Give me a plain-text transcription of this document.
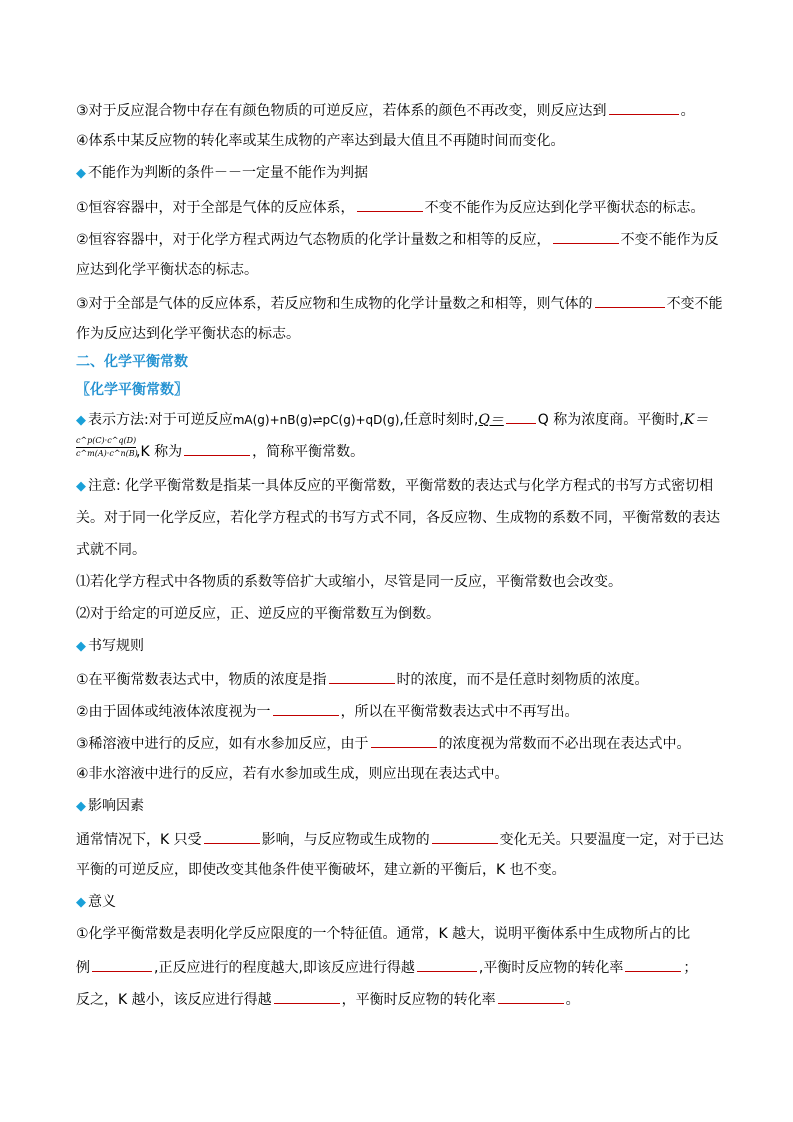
③对于反应混合物中存在有颜色物质的可逆反应，若体系的颜色不再改变，则反应达到	。
④体系中某反应物的转化率或某生成物的产率达到最大值且不再随时间而变化。
◆ 不能作为判断的条件－－一定量不能作为判据
①恒容容器中，对于全部是气体的反应体系，	不变不能作为反应达到化学平衡状态的标志。
②恒容容器中，对于化学方程式两边气态物质的化学计量数之和相等的反应，	不变不能作为反
应达到化学平衡状态的标志。
③对于全部是气体的反应体系，若反应物和生成物的化学计量数之和相等，则气体的	不变不能
作为反应达到化学平衡状态的标志。
二、化学平衡常数
〖化学平衡常数〗
◆ 表示方法:对于可逆反应mA(g)+nB(g)⇌pC(g)+qD(g),任意时刻时,Q＝ Q 称为浓度商。平衡时,K＝
$\frac{c\^{}p(C)\cdot c\^{}q(D)}{c\^{}m(A)\cdot c\^{}n(B)} ,K$ 称为	，简称平衡常数。
◆ 注意: 化学平衡常数是指某一具体反应的平衡常数，平衡常数的表达式与化学方程式的书写方式密切相
关。对于同一化学反应，若化学方程式的书写方式不同，各反应物、生成物的系数不同，平衡常数的表达
式就不同。
⑴若化学方程式中各物质的系数等倍扩大或缩小，尽管是同一反应，平衡常数也会改变。
⑵对于给定的可逆反应，正、逆反应的平衡常数互为倒数。
◆ 书写规则
①在平衡常数表达式中，物质的浓度是指	时的浓度，而不是任意时刻物质的浓度。
②由于固体或纯液体浓度视为一	，所以在平衡常数表达式中不再写出。
③稀溶液中进行的反应，如有水参加反应，由于	的浓度视为常数而不必出现在表达式中。
④非水溶液中进行的反应，若有水参加或生成，则应出现在表达式中。
◆ 影响因素
通常情况下，K 只受	影响，与反应物或生成物的	变化无关。只要温度一定，对于已达
平衡的可逆反应，即使改变其他条件使平衡破坏，建立新的平衡后，K 也不变。
◆ 意义
①化学平衡常数是表明化学反应限度的一个特征值。通常，K 越大，说明平衡体系中生成物所占的比
例	,正反应进行的程度越大,即该反应进行得越	,平衡时反应物的转化率	；
反之，K 越小，该反应进行得越	，平衡时反应物的转化率	。
